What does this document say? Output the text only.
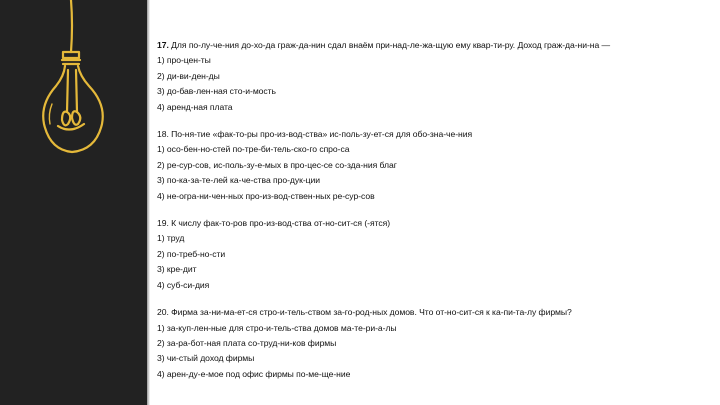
17. Для по-лу-че-ния до-хо-да граж-да-нин сдал внаём при-над-ле-жа-щую ему квар-ти-ру. Доход граж-да-ни-на —
1) про-цен-ты
2) ди-ви-ден-ды
3) до-бав-лен-ная сто-и-мость
4) аренд-ная плата
18. По-ня-тие «фак-то-ры про-из-вод-ства» ис-поль-зу-ет-ся для обо-зна-че-ния
1) осо-бен-но-стей по-тре-би-тель-ско-го спро-са
2) ре-сур-сов, ис-поль-зу-е-мых в про-цес-се со-зда-ния благ
3) по-ка-за-те-лей ка-че-ства про-дук-ции
4) не-огра-ни-чен-ных про-из-вод-ствен-ных ре-сур-сов
19. К числу фак-то-ров про-из-вод-ства от-но-сит-ся (-ятся)
1) труд
2) по-треб-но-сти
3) кре-дит
4) суб-си-дия
20. Фирма за-ни-ма-ет-ся стро-и-тель-ством за-го-род-ных домов. Что от-но-сит-ся к ка-пи-та-лу фирмы?
1) за-куп-лен-ные для стро-и-тель-ства домов ма-те-ри-а-лы
2) за-ра-бот-ная плата со-труд-ни-ков фирмы
3) чи-стый доход фирмы
4) арен-ду-е-мое под офис фирмы по-ме-ще-ние
